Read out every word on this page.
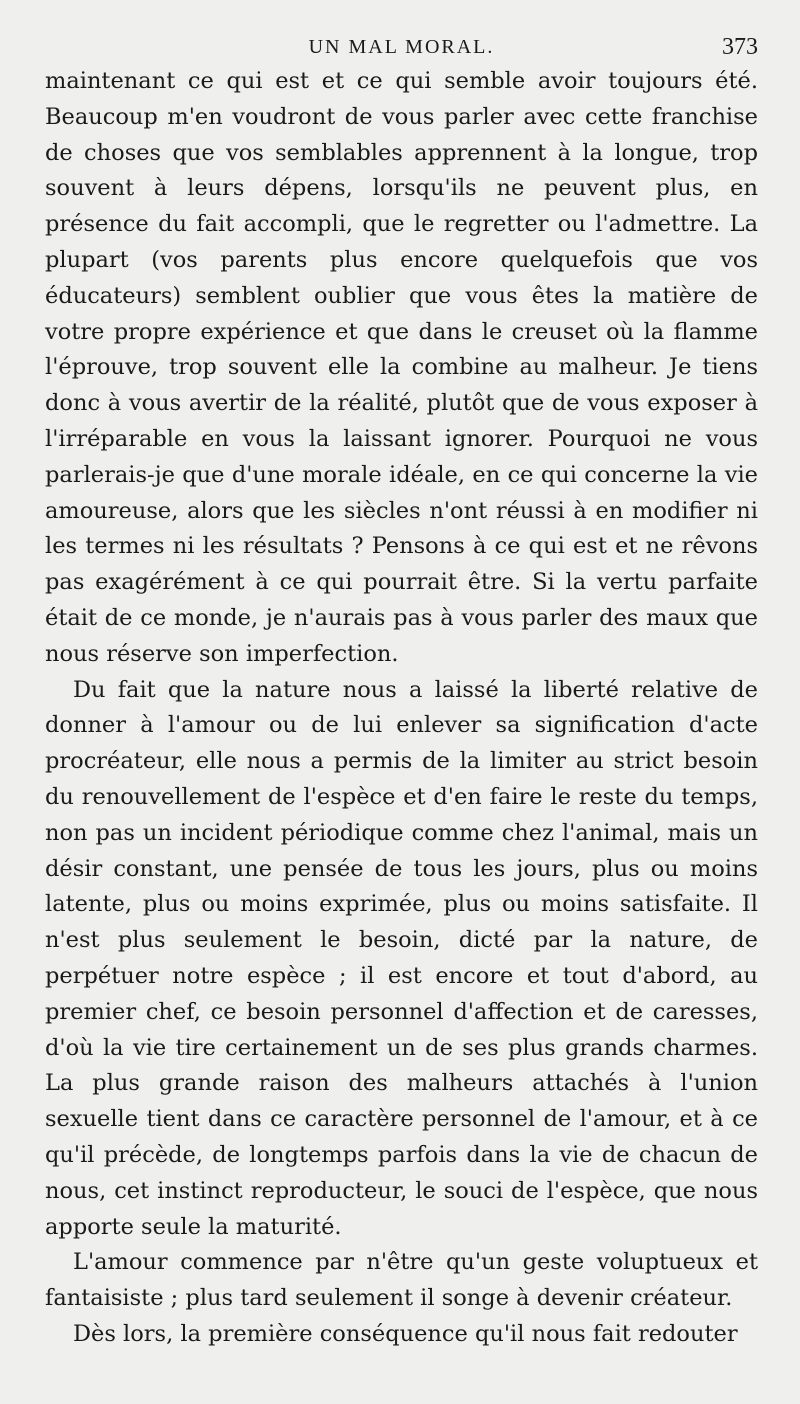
UN MAL MORAL.	373

maintenant ce qui est et ce qui semble avoir toujours été. Beaucoup m'en voudront de vous parler avec cette franchise de choses que vos semblables apprennent à la longue, trop souvent à leurs dépens, lorsqu'ils ne peuvent plus, en présence du fait accompli, que le regretter ou l'admettre. La plupart (vos parents plus encore quelquefois que vos éducateurs) semblent oublier que vous êtes la matière de votre propre expérience et que dans le creuset où la flamme l'éprouve, trop souvent elle la combine au malheur. Je tiens donc à vous avertir de la réalité, plutôt que de vous exposer à l'irréparable en vous la laissant ignorer. Pourquoi ne vous parlerais-je que d'une morale idéale, en ce qui concerne la vie amoureuse, alors que les siècles n'ont réussi à en modifier ni les termes ni les résultats ? Pensons à ce qui est et ne rêvons pas exagérément à ce qui pourrait être. Si la vertu parfaite était de ce monde, je n'aurais pas à vous parler des maux que nous réserve son imperfection.

Du fait que la nature nous a laissé la liberté relative de donner à l'amour ou de lui enlever sa signification d'acte procréateur, elle nous a permis de la limiter au strict besoin du renouvellement de l'espèce et d'en faire le reste du temps, non pas un incident périodique comme chez l'animal, mais un désir constant, une pensée de tous les jours, plus ou moins latente, plus ou moins exprimée, plus ou moins satisfaite. Il n'est plus seulement le besoin, dicté par la nature, de perpétuer notre espèce ; il est encore et tout d'abord, au premier chef, ce besoin personnel d'affection et de caresses, d'où la vie tire certainement un de ses plus grands charmes. La plus grande raison des malheurs attachés à l'union sexuelle tient dans ce caractère personnel de l'amour, et à ce qu'il précède, de longtemps parfois dans la vie de chacun de nous, cet instinct reproducteur, le souci de l'espèce, que nous apporte seule la maturité.

L'amour commence par n'être qu'un geste voluptueux et fantaisiste ; plus tard seulement il songe à devenir créateur.

Dès lors, la première conséquence qu'il nous fait redouter
